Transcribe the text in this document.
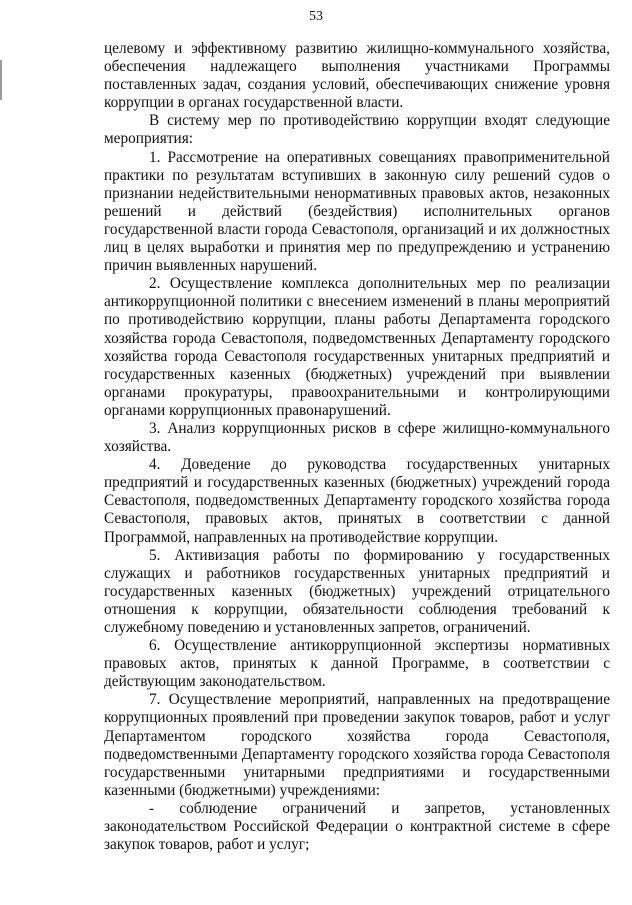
53

целевому и эффективному развитию жилищно-коммунального хозяйства, обеспечения надлежащего выполнения участниками Программы поставленных задач, создания условий, обеспечивающих снижение уровня коррупции в органах государственной власти.

В систему мер по противодействию коррупции входят следующие мероприятия:

1. Рассмотрение на оперативных совещаниях правоприменительной практики по результатам вступивших в законную силу решений судов о признании недействительными ненормативных правовых актов, незаконных решений и действий (бездействия) исполнительных органов государственной власти города Севастополя, организаций и их должностных лиц в целях выработки и принятия мер по предупреждению и устранению причин выявленных нарушений.

2. Осуществление комплекса дополнительных мер по реализации антикоррупционной политики с внесением изменений в планы мероприятий по противодействию коррупции, планы работы Департамента городского хозяйства города Севастополя, подведомственных Департаменту городского хозяйства города Севастополя государственных унитарных предприятий и государственных казенных (бюджетных) учреждений при выявлении органами прокуратуры, правоохранительными и контролирующими органами коррупционных правонарушений.

3. Анализ коррупционных рисков в сфере жилищно-коммунального хозяйства.

4. Доведение до руководства государственных унитарных предприятий и государственных казенных (бюджетных) учреждений города Севастополя, подведомственных Департаменту городского хозяйства города Севастополя, правовых актов, принятых в соответствии с данной Программой, направленных на противодействие коррупции.

5. Активизация работы по формированию у государственных служащих и работников государственных унитарных предприятий и государственных казенных (бюджетных) учреждений отрицательного отношения к коррупции, обязательности соблюдения требований к служебному поведению и установленных запретов, ограничений.

6. Осуществление антикоррупционной экспертизы нормативных правовых актов, принятых к данной Программе, в соответствии с действующим законодательством.

7. Осуществление мероприятий, направленных на предотвращение коррупционных проявлений при проведении закупок товаров, работ и услуг Департаментом городского хозяйства города Севастополя, подведомственными Департаменту городского хозяйства города Севастополя государственными унитарными предприятиями и государственными казенными (бюджетными) учреждениями:

- соблюдение ограничений и запретов, установленных законодательством Российской Федерации о контрактной системе в сфере закупок товаров, работ и услуг;
